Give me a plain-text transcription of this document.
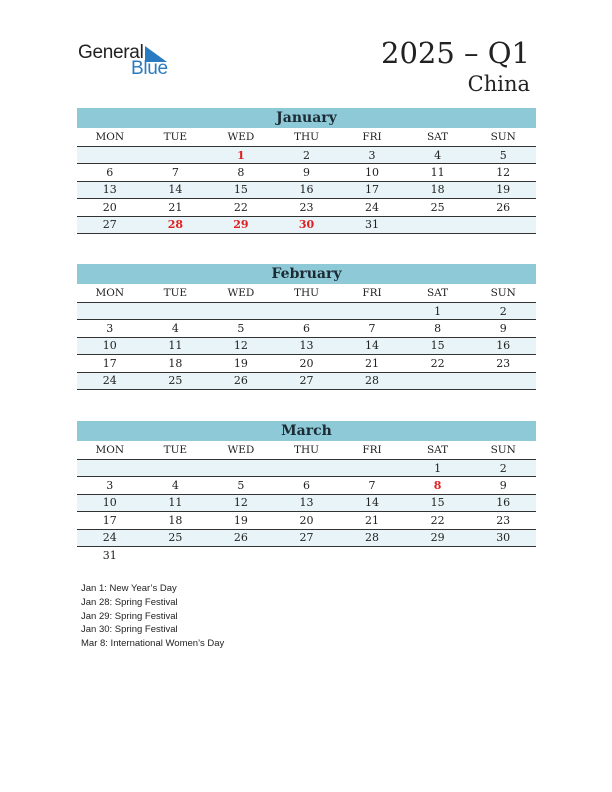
General
Blue	2025 – Q1
China
January
MON	TUE	WED	THU	FRI	SAT	SUN
		1	2	3	4	5
6	7	8	9	10	11	12
13	14	15	16	17	18	19
20	21	22	23	24	25	26
27	28	29	30	31		
February
MON	TUE	WED	THU	FRI	SAT	SUN
					1	2
3	4	5	6	7	8	9
10	11	12	13	14	15	16
17	18	19	20	21	22	23
24	25	26	27	28		
March
MON	TUE	WED	THU	FRI	SAT	SUN
					1	2
3	4	5	6	7	8	9
10	11	12	13	14	15	16
17	18	19	20	21	22	23
24	25	26	27	28	29	30
31						
Jan 1: New Year’s Day
Jan 28: Spring Festival
Jan 29: Spring Festival
Jan 30: Spring Festival
Mar 8: International Women’s Day
